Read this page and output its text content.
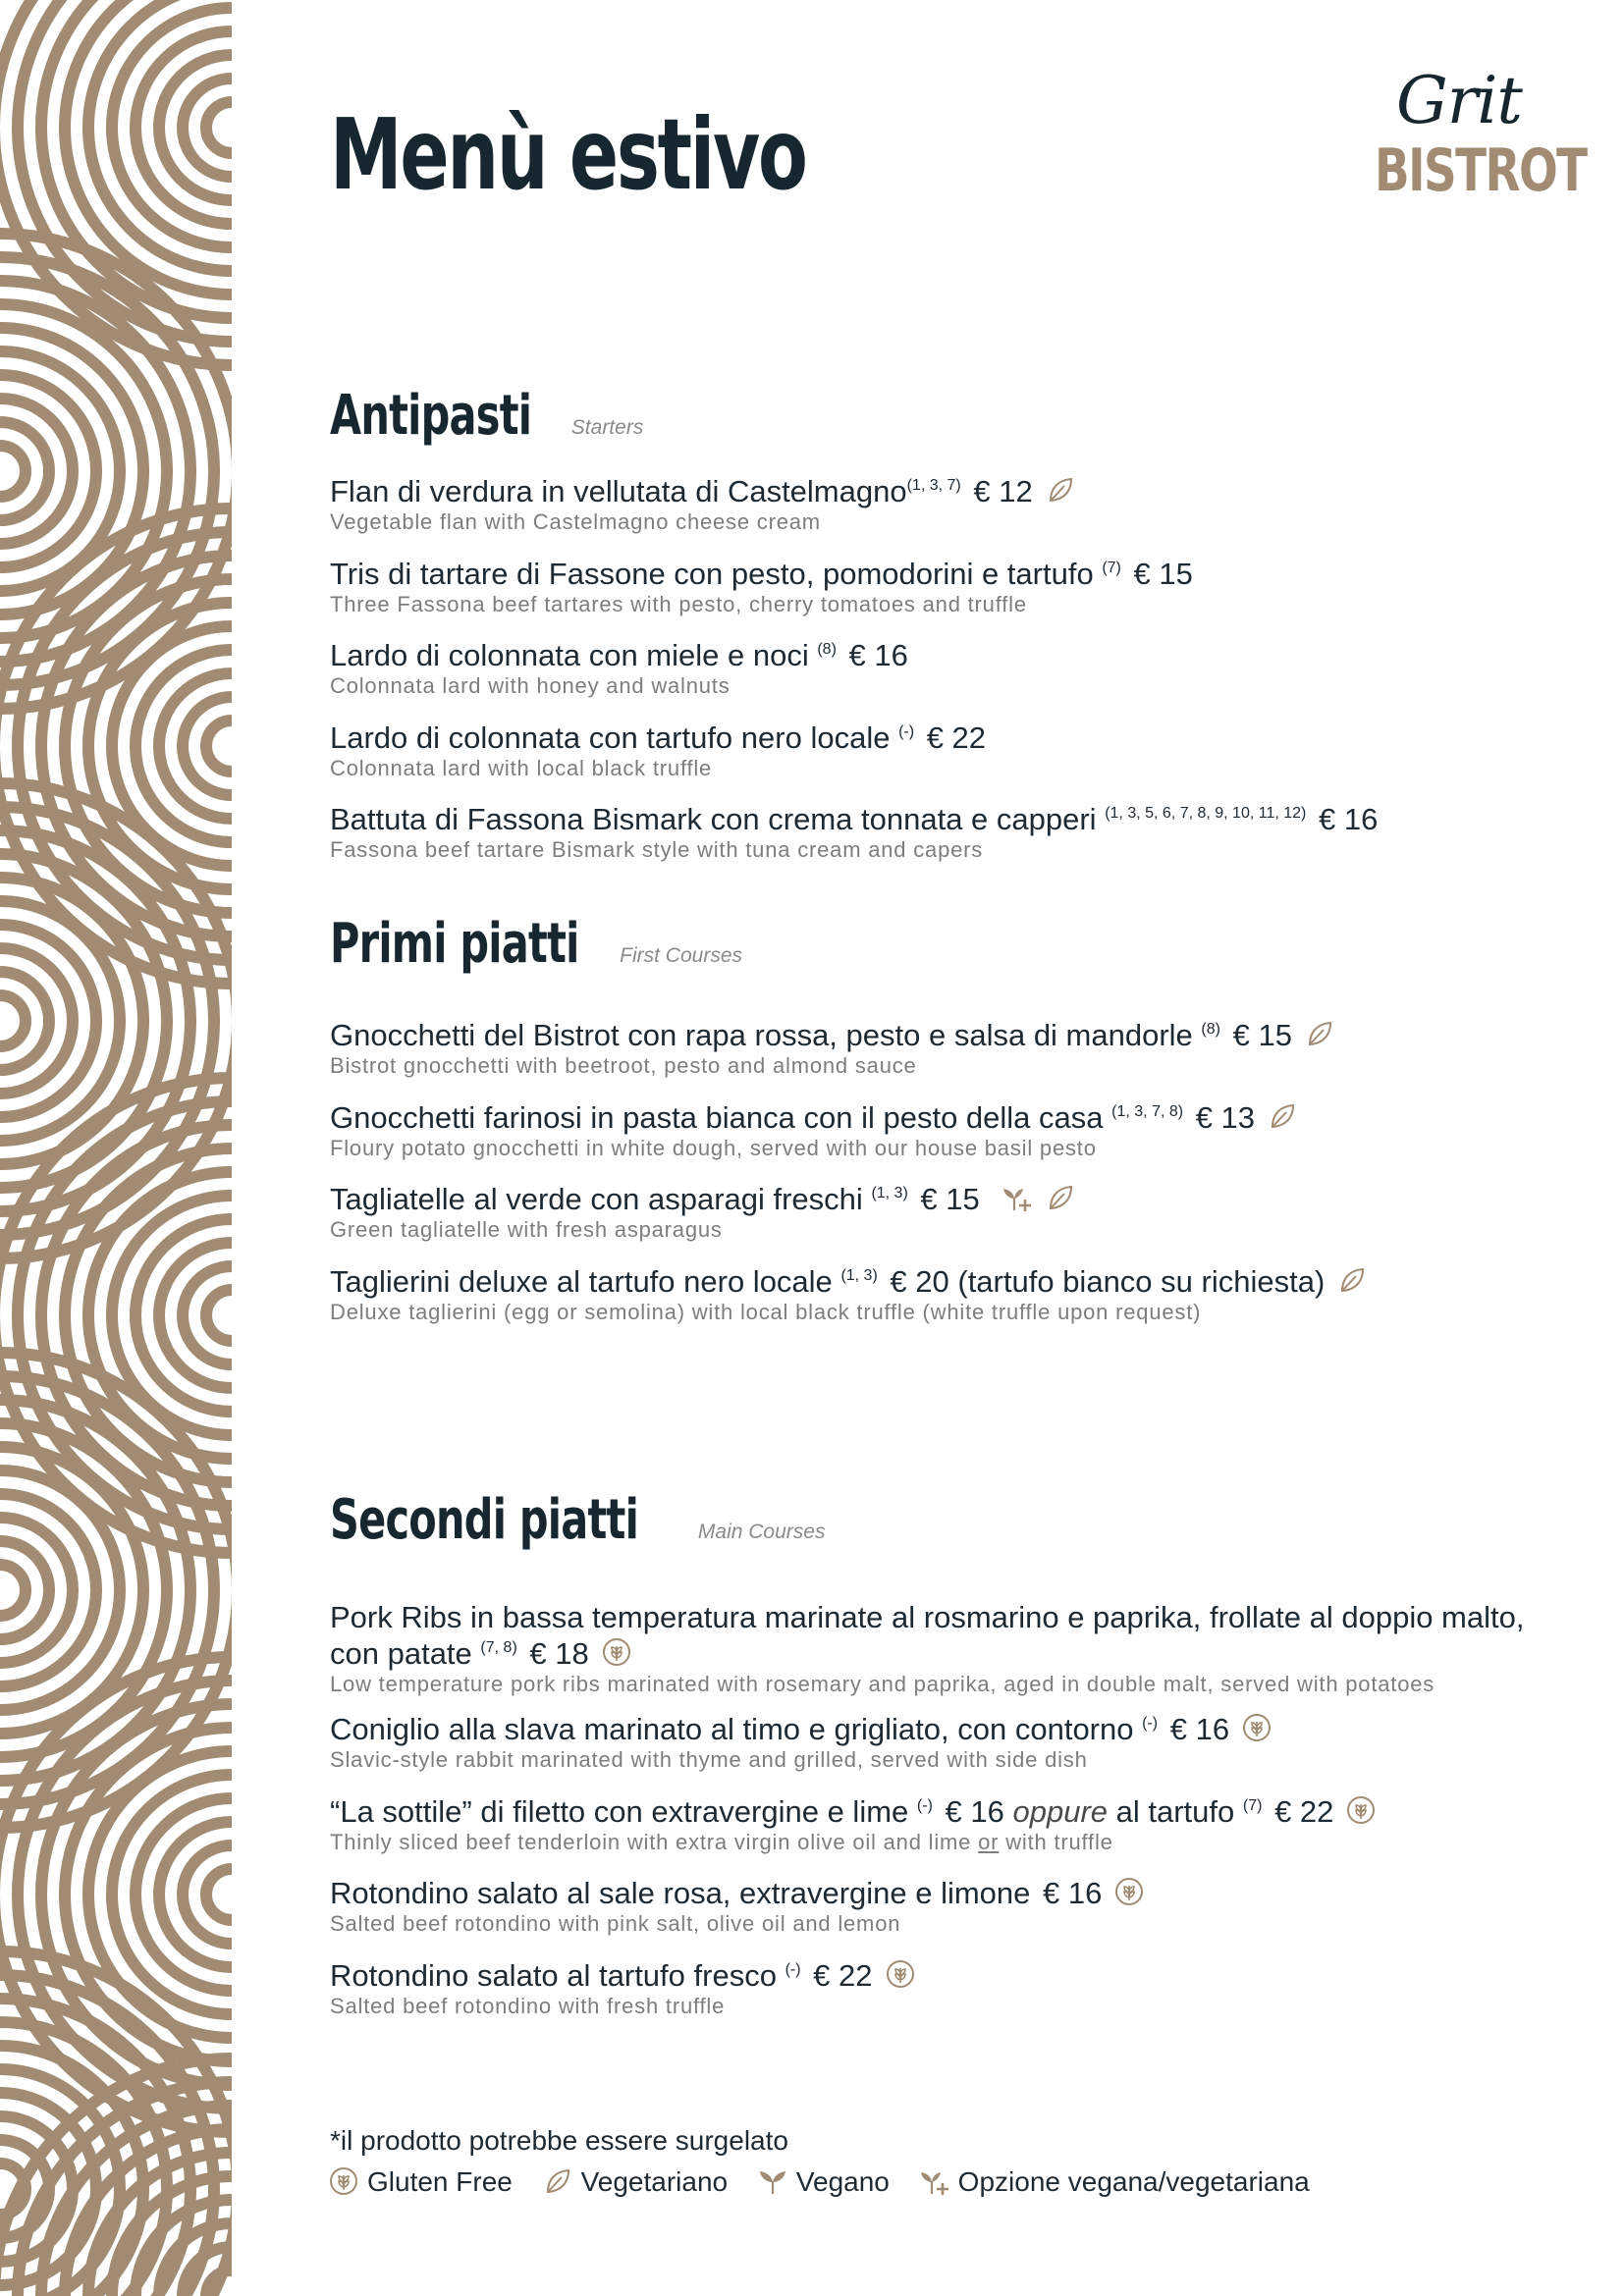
Menù estivo	Grit
BISTROT
Antipasti Starters
Flan di verdura in vellutata di Castelmagno$^{(1, 3, 7)}$ € 12
Vegetable flan with Castelmagno cheese cream
Tris di tartare di Fassone con pesto, pomodorini e tartufo $^{(7)}$ € 15
Three Fassona beef tartares with pesto, cherry tomatoes and truffle
Lardo di colonnata con miele e noci $^{(8)}$ € 16
Colonnata lard with honey and walnuts
Lardo di colonnata con tartufo nero locale (-) € 22
Colonnata lard with local black truffle
Battuta di Fassona Bismark con crema tonnata e capperi $^{(1, 3, 5, 6, 7, 8, 9, 10, 11, 12)}$ € 16
Fassona beef tartare Bismark style with tuna cream and capers
Primi piatti First Courses
Gnocchetti del Bistrot con rapa rossa, pesto e salsa di mandorle $^{(8)}$ € 15
Bistrot gnocchetti with beetroot, pesto and almond sauce
Gnocchetti farinosi in pasta bianca con il pesto della casa $^{(1, 3, 7, 8)}$ € 13
Floury potato gnocchetti in white dough, served with our house basil pesto
Tagliatelle al verde con asparagi freschi $^{(1, 3)}$ € 15
Green tagliatelle with fresh asparagus
Taglierini deluxe al tartufo nero locale $^{(1, 3)}$ € 20 (tartufo bianco su richiesta)
Deluxe taglierini (egg or semolina) with local black truffle (white truffle upon request)
Secondi piatti	Main Courses
Pork Ribs in bassa temperatura marinate al rosmarino e paprika, frollate al doppio malto, con patate $^{(7, 8)}$ € 18
Low temperature pork ribs marinated with rosemary and paprika, aged in double malt, served with potatoes
Coniglio alla slava marinato al timo e grigliato, con contorno (-) € 16
Slavic-style rabbit marinated with thyme and grilled, served with side dish
“La sottile” di filetto con extravergine e lime (-) € 16 oppure al tartufo $^{(7)}$ € 22
Thinly sliced beef tenderloin with extra virgin olive oil and lime or with truffle
Rotondino salato al sale rosa, extravergine e limone € 16
Salted beef rotondino with pink salt, olive oil and lemon
Rotondino salato al tartufo fresco (-) € 22
Salted beef rotondino with fresh truffle
*il prodotto potrebbe essere surgelato
Gluten Free Vegetariano Vegano Opzione vegana/vegetariana
